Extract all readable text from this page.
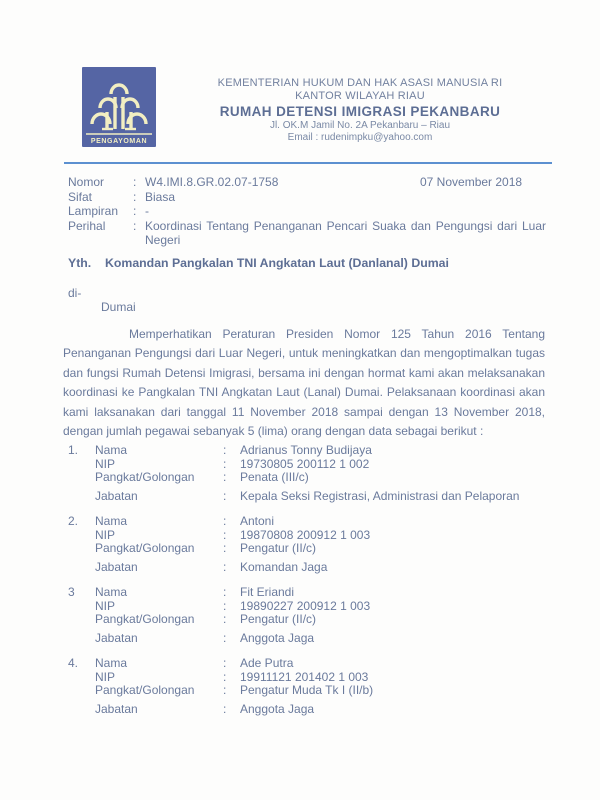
PENGAYOMAN
KEMENTERIAN HUKUM DAN HAK ASASI MANUSIA RI
KANTOR WILAYAH RIAU
RUMAH DETENSI IMIGRASI PEKANBARU
Jl. OK.M Jamil No. 2A Pekanbaru – Riau
Email : rudenimpku@yahoo.com
Nomor	: W4.IMI.8.GR.02.07-1758
Sifat	: Biasa
Lampiran	: -
Perihal	: Koordinasi Tentang Penanganan Pencari Suaka dan Pengungsi dari Luar Negeri
07 November 2018
Yth.	Komandan Pangkalan TNI Angkatan Laut (Danlanal) Dumai
di-
Dumai
Memperhatikan Peraturan Presiden Nomor 125 Tahun 2016 Tentang Penanganan Pengungsi dari Luar Negeri, untuk meningkatkan dan mengoptimalkan tugas dan fungsi Rumah Detensi Imigrasi, bersama ini dengan hormat kami akan melaksanakan koordinasi ke Pangkalan TNI Angkatan Laut (Lanal) Dumai. Pelaksanaan koordinasi akan kami laksanakan dari tanggal 11 November 2018 sampai dengan 13 November 2018, dengan jumlah pegawai sebanyak 5 (lima) orang dengan data sebagai berikut :
1.	Nama	:	Adrianus Tonny Budijaya
NIP	:	19730805 200112 1 002
Pangkat/Golongan	:	Penata (III/c)
Jabatan	:	Kepala Seksi Registrasi, Administrasi dan Pelaporan
2.	Nama	:	Antoni
NIP	:	19870808 200912 1 003
Pangkat/Golongan	:	Pengatur (II/c)
Jabatan	:	Komandan Jaga
3	Nama	:	Fit Eriandi
NIP	:	19890227 200912 1 003
Pangkat/Golongan	:	Pengatur (II/c)
Jabatan	:	Anggota Jaga
4.	Nama	:	Ade Putra
NIP	:	19911121 201402 1 003
Pangkat/Golongan	:	Pengatur Muda Tk I (II/b)
Jabatan	:	Anggota Jaga
